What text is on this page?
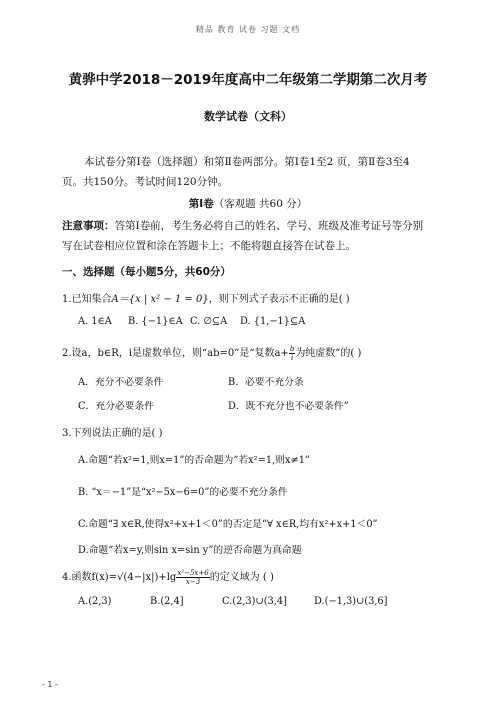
精品 教育 试卷 习题 文档
黄骅中学2018－2019年度高中二年级第二学期第二次月考
数学试卷（文科）
本试卷分第Ⅰ卷（选择题）和第Ⅱ卷两部分。第Ⅰ卷1至2 页，第Ⅱ卷3至4
页。共150分。考试时间120分钟。
第Ⅰ卷（客观题 共60 分）
注意事项：答第Ⅰ卷前，考生务必将自己的姓名、学号、班级及准考证号等分别
写在试卷相应位置和涂在答题卡上；不能将题直接答在试卷上。
一、选择题（每小题5分，共60分）
1.已知集合A＝{x | x² − 1 = 0}，则下列式子表示不正确的是( )
A. 1∈A B. {−1}∈A C. ∅⊆A D. {1,−1}⊆A
2.设a，b∈R，i是虚数单位，则“ab=0”是“复数$a+ \frac{b}{i}$ 为纯虚数”的( )
A．充分不必要条件	B．必要不充分条
C．充分必要条件	D．既不充分也不必要条件”
3.下列说法正确的是( )
A.命题“若x²=1,则x=1”的否命题为“若x²=1,则x≠1”
B. “x＝−1”是“x²−5x−6=0”的必要不充分条件
C.命题“∃ x∈R,使得x²+x+1＜0”的否定是“∀ x∈R,均有x²+x+1＜0”
D.命题“若x=y,则sin x=sin y”的逆否命题为真命题
4.函数$f(x)=√(4-|x|)+\lg \frac{\text{x²−5x+6}}{x-3}$ 的定义域为 ( )
A.(2,3)	B.(2,4]	C.(2,3)∪(3,4]	D.(−1,3)∪(3,6]
- 1 -
